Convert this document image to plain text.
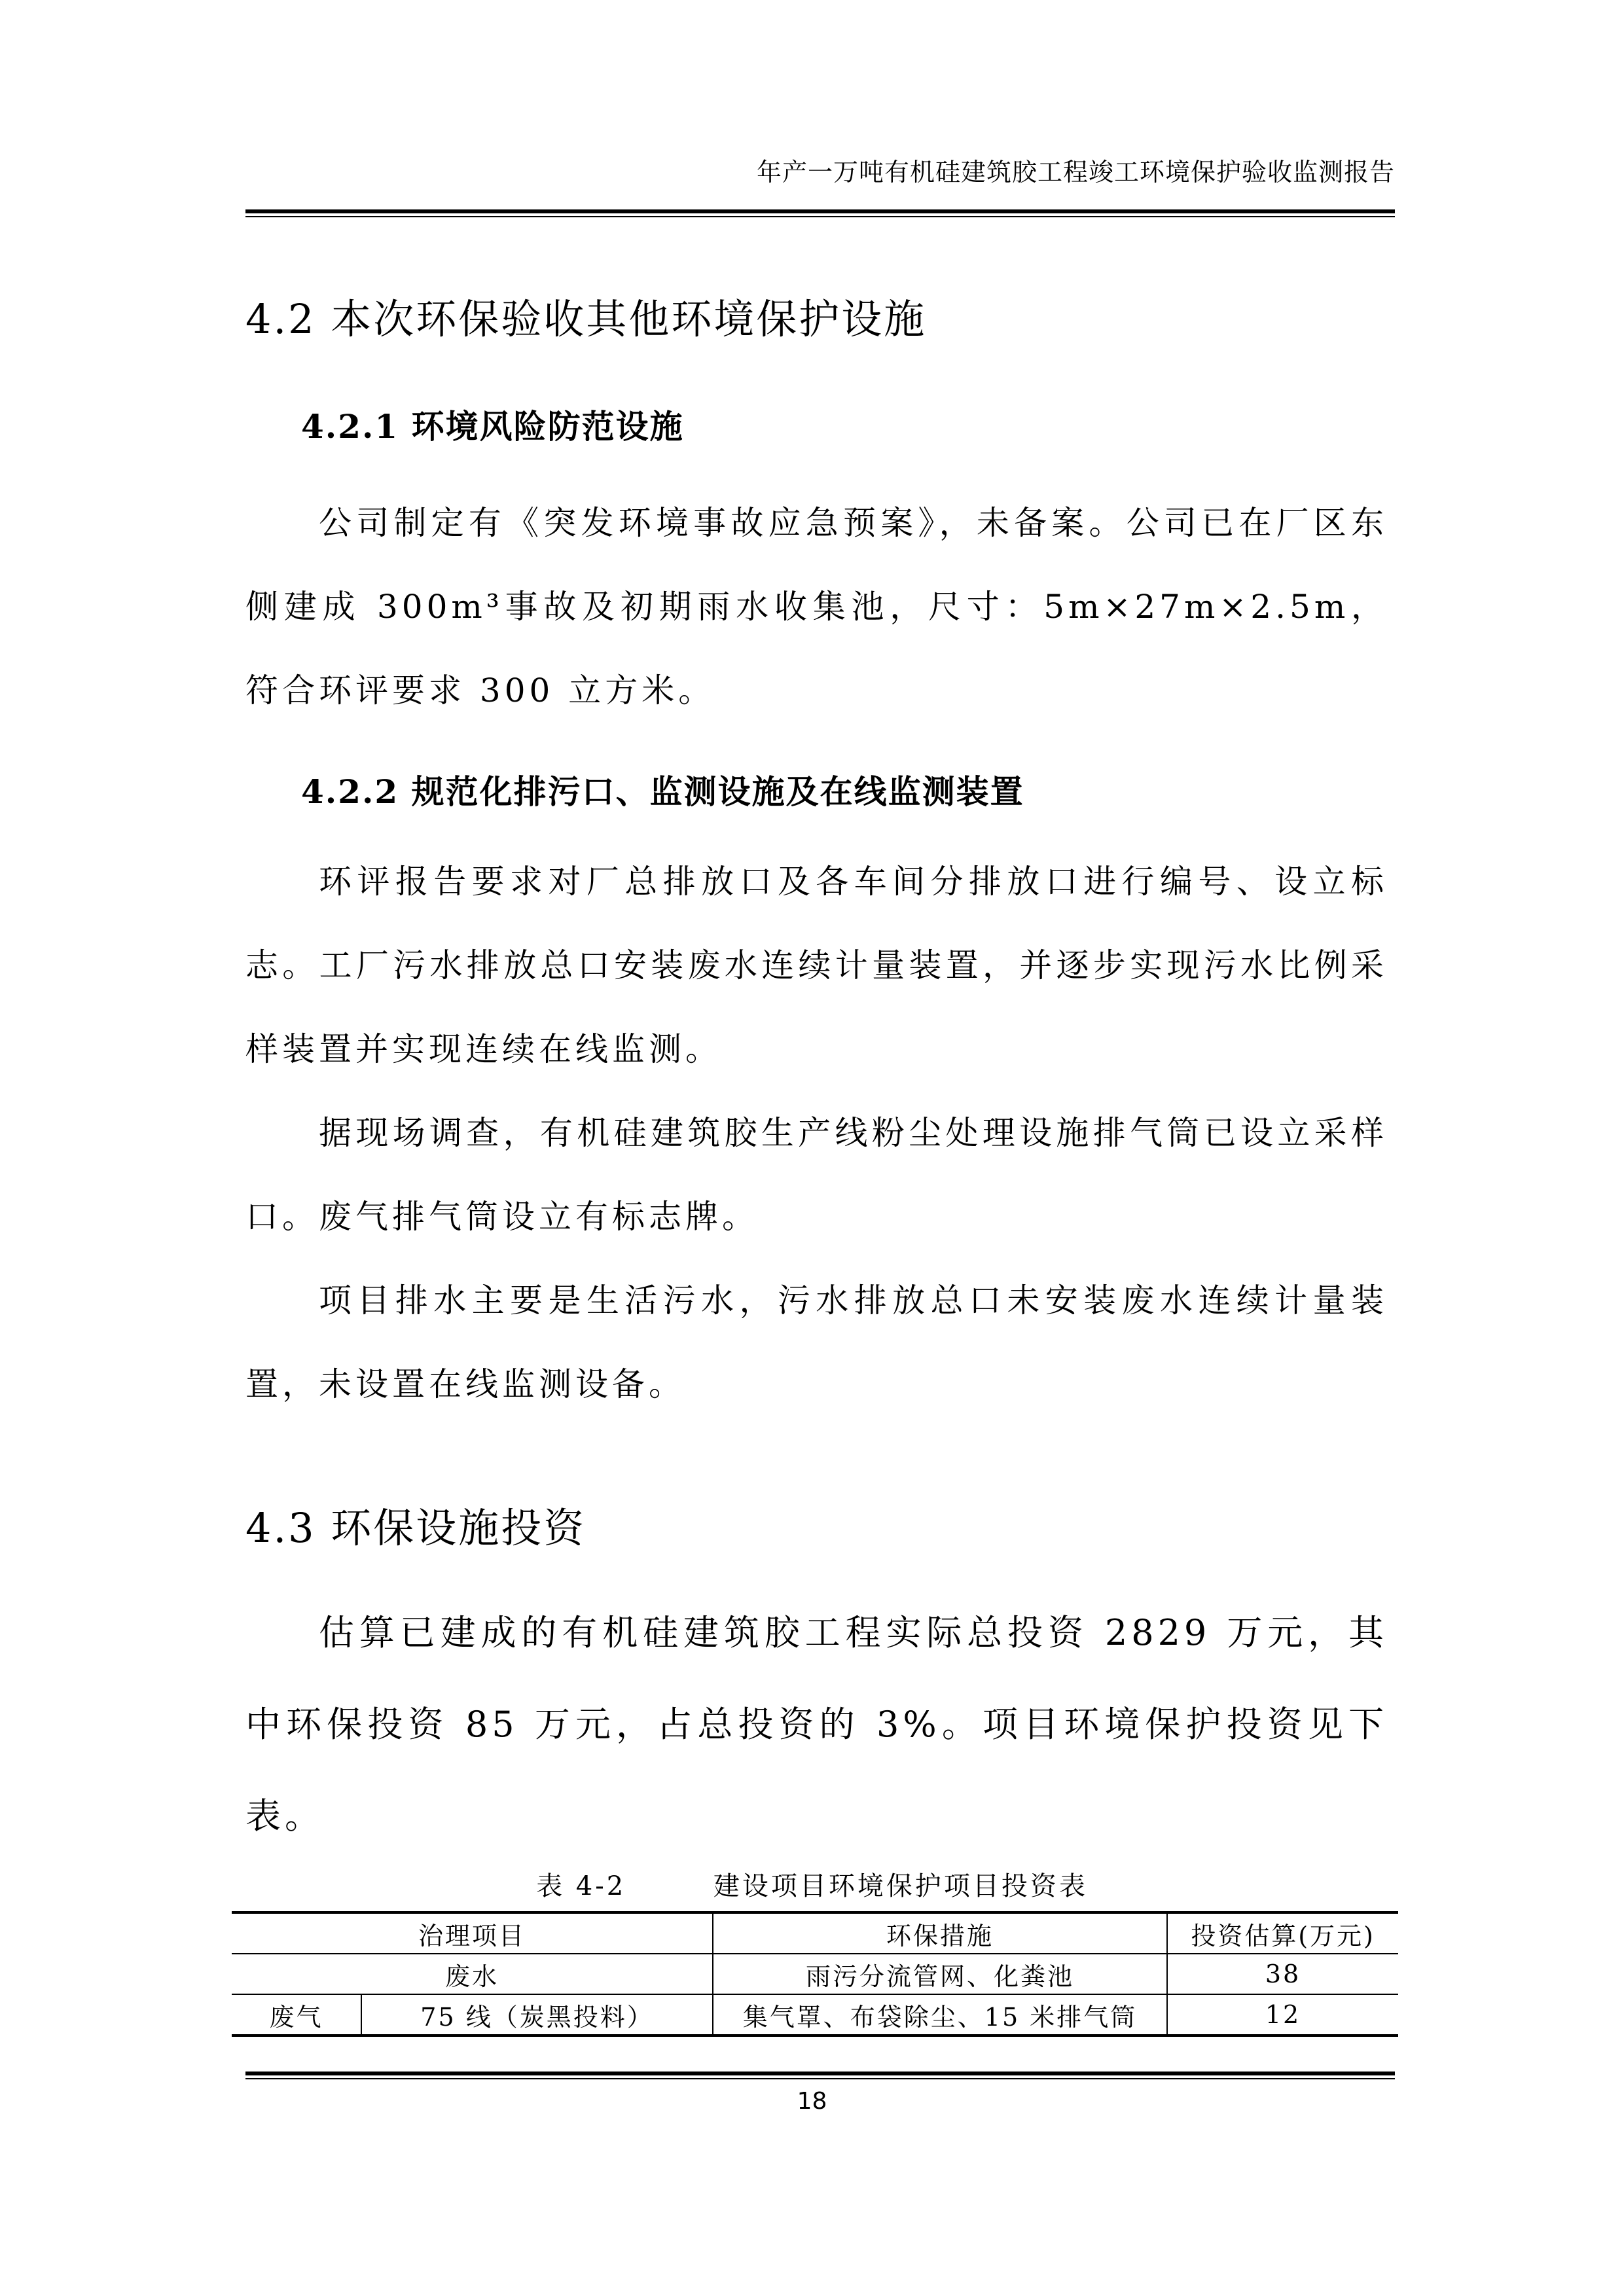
年产一万吨有机硅建筑胶工程竣工环境保护验收监测报告
4.2 本次环保验收其他环境保护设施
4.2.1 环境风险防范设施

公司制定有《突发环境事故应急预案》，未备案。公司已在厂区东侧建成 300m³事故及初期雨水收集池，尺寸：5m×27m×2.5m，符合环评要求 300 立方米。

4.2.2 规范化排污口、监测设施及在线监测装置

环评报告要求对厂总排放口及各车间分排放口进行编号、设立标志。工厂污水排放总口安装废水连续计量装置，并逐步实现污水比例采样装置并实现连续在线监测。

据现场调查，有机硅建筑胶生产线粉尘处理设施排气筒已设立采样口。废气排气筒设立有标志牌。

项目排水主要是生活污水，污水排放总口未安装废水连续计量装置，未设置在线监测设备。

4.3 环保设施投资

估算已建成的有机硅建筑胶工程实际总投资 2829 万元，其中环保投资 85 万元，占总投资的 3%。项目环境保护投资见下表。

表 4-2        建设项目环境保护项目投资表
治理项目		环保措施	投资估算(万元)
废水		雨污分流管网、化粪池	38
废气	75 线（炭黑投料）	集气罩、布袋除尘、15 米排气筒	12
18
